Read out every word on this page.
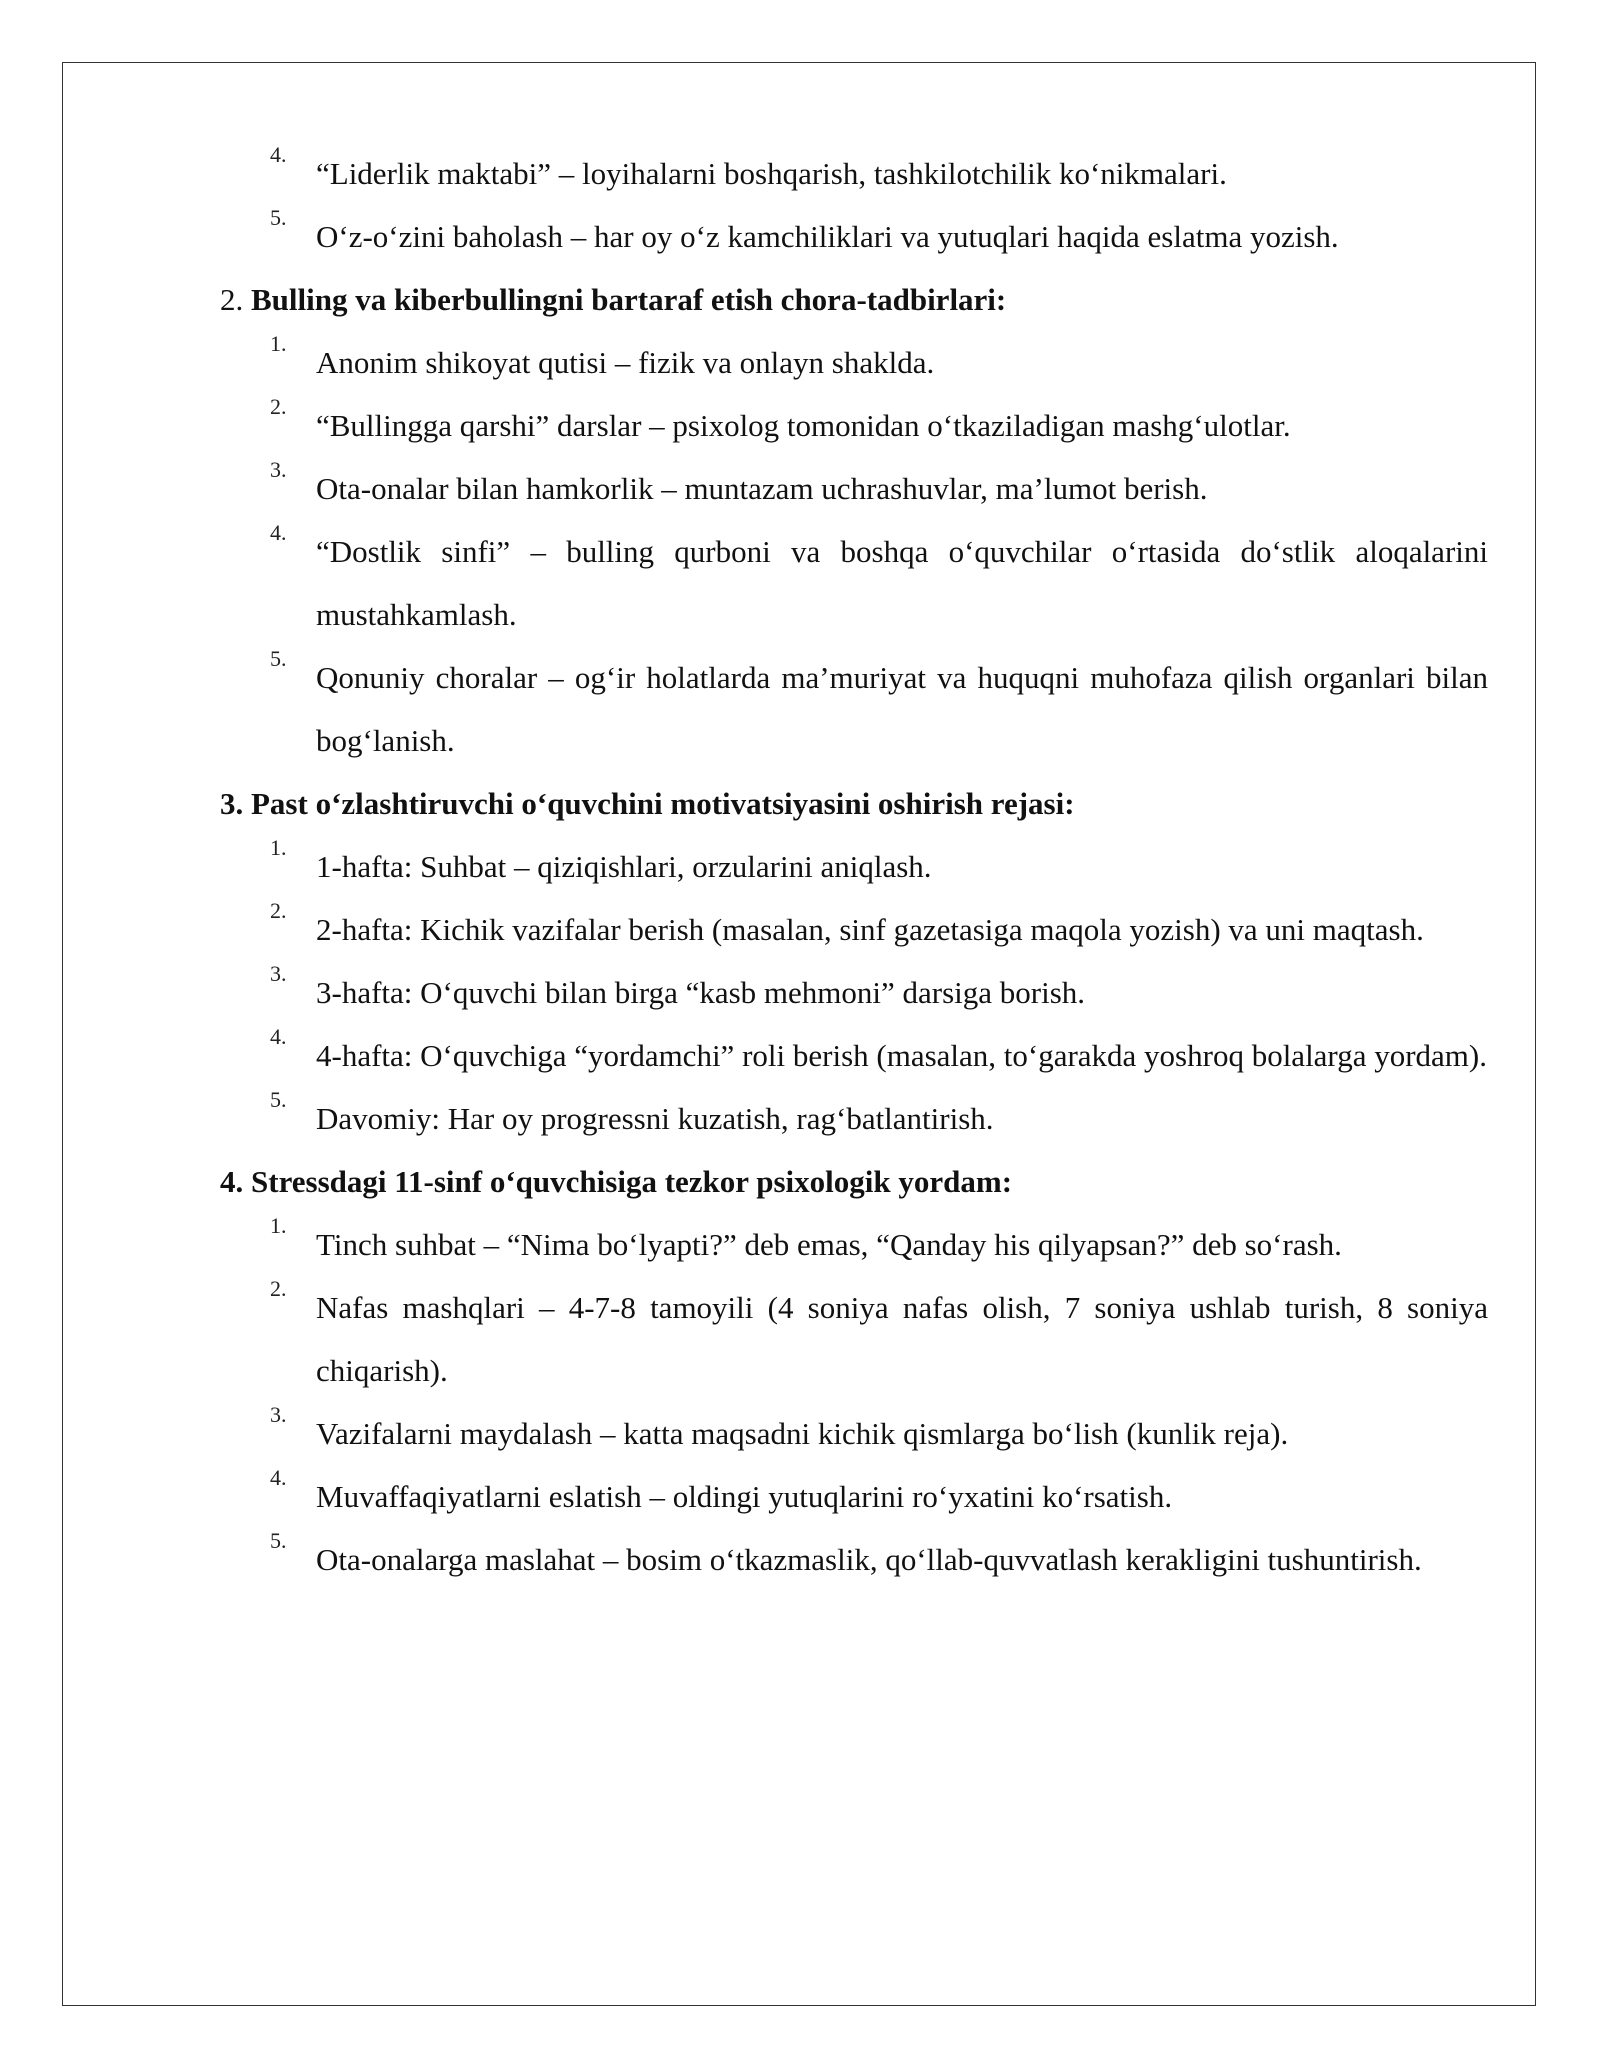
4.
“Liderlik maktabi” – loyihalarni boshqarish, tashkilotchilik ko‘nikmalari.
5.
O‘z-o‘zini baholash – har oy o‘z kamchiliklari va yutuqlari haqida eslatma yozish.
2. Bulling va kiberbullingni bartaraf etish chora-tadbirlari:
1.
Anonim shikoyat qutisi – fizik va onlayn shaklda.
2.
“Bullingga qarshi” darslar – psixolog tomonidan o‘tkaziladigan mashg‘ulotlar.
3.
Ota-onalar bilan hamkorlik – muntazam uchrashuvlar, ma’lumot berish.
4.
“Dostlik sinfi” – bulling qurboni va boshqa o‘quvchilar o‘rtasida do‘stlik aloqalarini mustahkamlash.
5.
Qonuniy choralar – og‘ir holatlarda ma’muriyat va huquqni muhofaza qilish organlari bilan bog‘lanish.
3. Past o‘zlashtiruvchi o‘quvchini motivatsiyasini oshirish rejasi:
1.
1-hafta: Suhbat – qiziqishlari, orzularini aniqlash.
2.
2-hafta: Kichik vazifalar berish (masalan, sinf gazetasiga maqola yozish) va uni maqtash.
3.
3-hafta: O‘quvchi bilan birga “kasb mehmoni” darsiga borish.
4.
4-hafta: O‘quvchiga “yordamchi” roli berish (masalan, to‘garakda yoshroq bolalarga yordam).
5.
Davomiy: Har oy progressni kuzatish, rag‘batlantirish.
4. Stressdagi 11-sinf o‘quvchisiga tezkor psixologik yordam:
1.
Tinch suhbat – “Nima bo‘lyapti?” deb emas, “Qanday his qilyapsan?” deb so‘rash.
2.
Nafas mashqlari – 4-7-8 tamoyili (4 soniya nafas olish, 7 soniya ushlab turish, 8 soniya chiqarish).
3.
Vazifalarni maydalash – katta maqsadni kichik qismlarga bo‘lish (kunlik reja).
4.
Muvaffaqiyatlarni eslatish – oldingi yutuqlarini ro‘yxatini ko‘rsatish.
5.
Ota-onalarga maslahat – bosim o‘tkazmaslik, qo‘llab-quvvatlash kerakligini tushuntirish.
